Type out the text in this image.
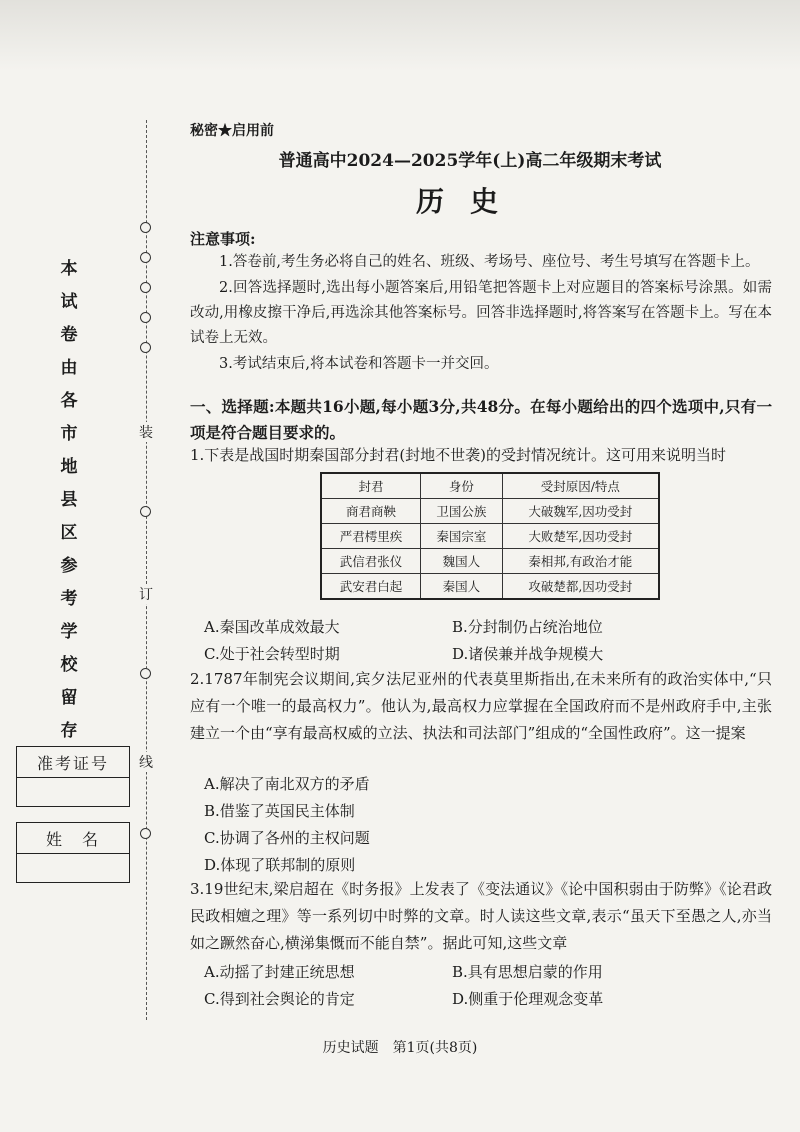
本
试
卷
由
各
市
地
县
区
参
考
学
校
留
存
装
订
线
准考证号
姓　名
秘密★启用前
普通高中2024—2025学年(上)高二年级期末考试
历史
注意事项:
1.答卷前,考生务必将自己的姓名、班级、考场号、座位号、考生号填写在答题卡上。
2.回答选择题时,选出每小题答案后,用铅笔把答题卡上对应题目的答案标号涂黑。如需改动,用橡皮擦干净后,再选涂其他答案标号。回答非选择题时,将答案写在答题卡上。写在本试卷上无效。
3.考试结束后,将本试卷和答题卡一并交回。
一、选择题:本题共16小题,每小题3分,共48分。在每小题给出的四个选项中,只有一项是符合题目要求的。
1.下表是战国时期秦国部分封君(封地不世袭)的受封情况统计。这可用来说明当时
封君	身份	受封原因/特点
商君商鞅	卫国公族	大破魏军,因功受封
严君樗里疾	秦国宗室	大败楚军,因功受封
武信君张仪	魏国人	秦相邦,有政治才能
武安君白起	秦国人	攻破楚都,因功受封
A.秦国改革成效最大	B.分封制仍占统治地位
C.处于社会转型时期	D.诸侯兼并战争规模大
2.1787年制宪会议期间,宾夕法尼亚州的代表莫里斯指出,在未来所有的政治实体中,“只应有一个唯一的最高权力”。他认为,最高权力应掌握在全国政府而不是州政府手中,主张建立一个由“享有最高权威的立法、执法和司法部门”组成的“全国性政府”。这一提案
A.解决了南北双方的矛盾
B.借鉴了英国民主体制
C.协调了各州的主权问题
D.体现了联邦制的原则
3.19世纪末,梁启超在《时务报》上发表了《变法通议》《论中国积弱由于防弊》《论君政民政相嬗之理》等一系列切中时弊的文章。时人读这些文章,表示“虽天下至愚之人,亦当如之蹶然奋心,横涕集慨而不能自禁”。据此可知,这些文章
A.动摇了封建正统思想	B.具有思想启蒙的作用
C.得到社会舆论的肯定	D.侧重于伦理观念变革
历史试题　第1页(共8页)
